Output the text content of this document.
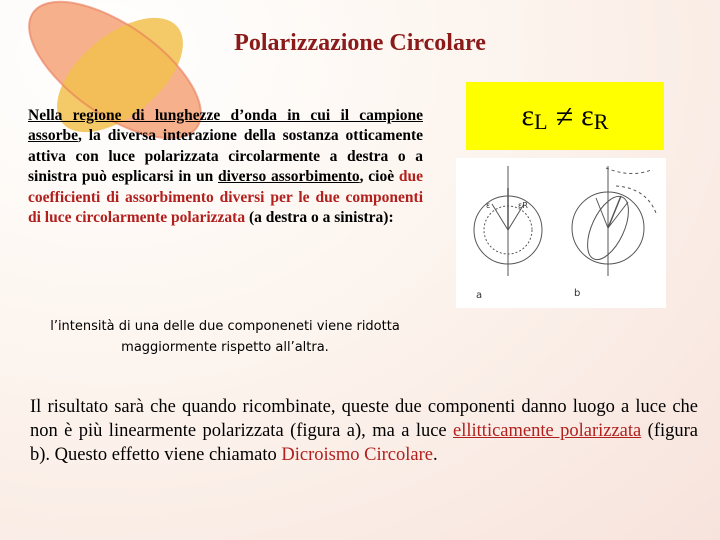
Polarizzazione Circolare
Nella regione di lunghezze d’onda in cui il campione assorbe, la diversa interazione della sostanza otticamente attiva con luce polarizzata circolarmente a destra o a sinistra può esplicarsi in un diverso assorbimento, cioè due coefficienti di assorbimento diversi per le due componenti di luce circolarmente polarizzata (a destra o a sinistra):
ε L ≠ ε R
ε	εR
a	b
l’intensità di una delle due componeneti viene ridotta maggiormente rispetto all’altra.
Il risultato sarà che quando ricombinate, queste due componenti danno luogo a luce che non è più linearmente polarizzata (figura a), ma a luce ellitticamente polarizzata (figura b). Questo effetto viene chiamato Dicroismo Circolare.
